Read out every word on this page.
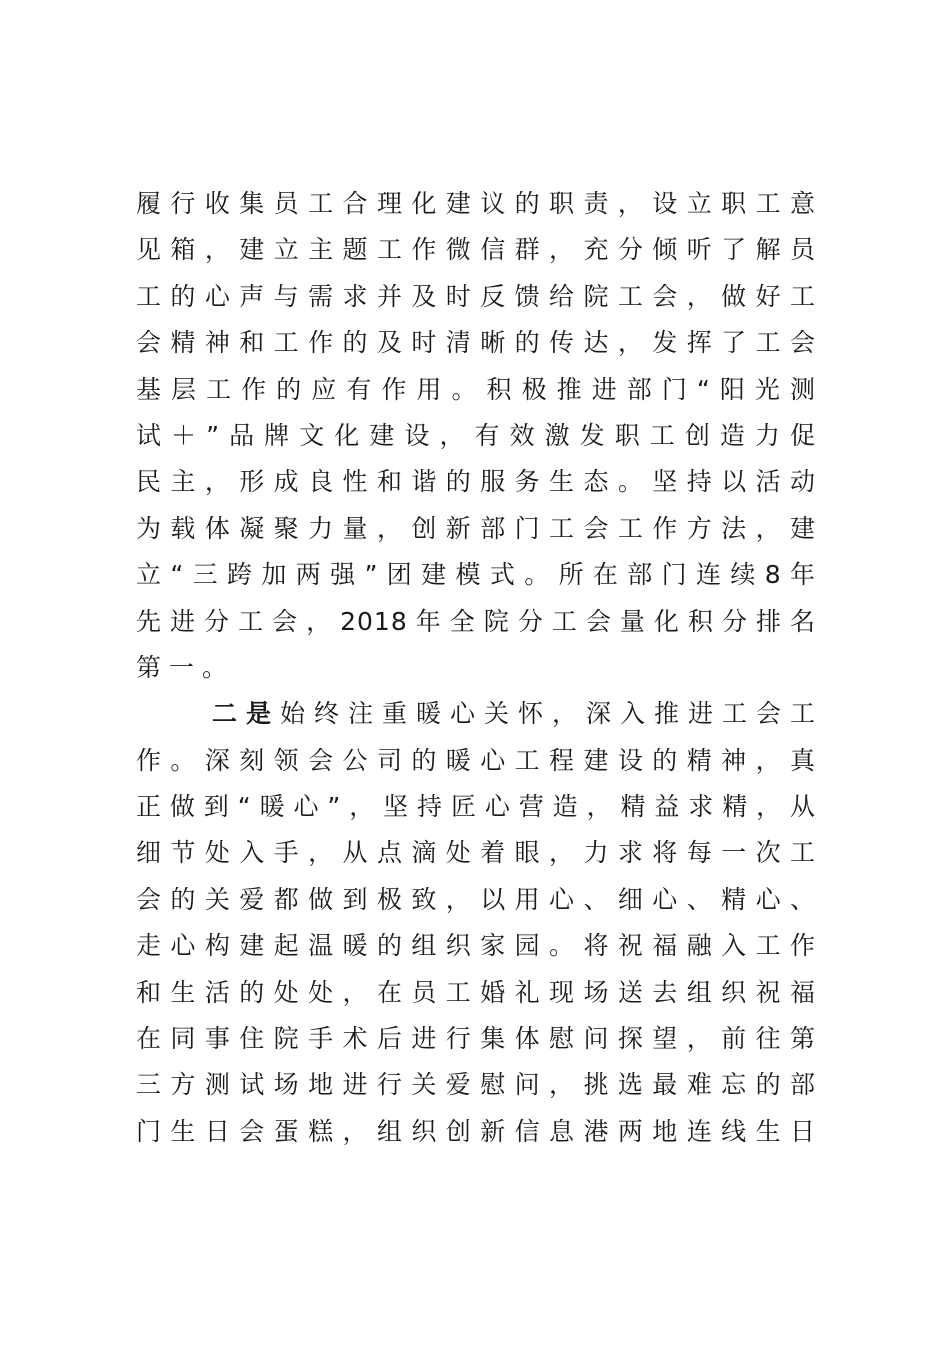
履行收集员工合理化建议的职责，设立职工意
见箱，建立主题工作微信群，充分倾听了解员
工的心声与需求并及时反馈给院工会，做好工
会精神和工作的及时清晰的传达，发挥了工会
基层工作的应有作用。积极推进部门“阳光测
试＋”品牌文化建设，有效激发职工创造力促
民主，形成良性和谐的服务生态。坚持以活动
为载体凝聚力量，创新部门工会工作方法，建
立“三跨加两强”团建模式。所在部门连续8年
先进分工会，2018年全院分工会量化积分排名
第一。
二是始终注重暖心关怀，深入推进工会工
作。深刻领会公司的暖心工程建设的精神，真
正做到“暖心”，坚持匠心营造，精益求精，从
细节处入手，从点滴处着眼，力求将每一次工
会的关爱都做到极致，以用心、细心、精心、
走心构建起温暖的组织家园。将祝福融入工作
和生活的处处，在员工婚礼现场送去组织祝福
在同事住院手术后进行集体慰问探望，前往第
三方测试场地进行关爱慰问，挑选最难忘的部
门生日会蛋糕，组织创新信息港两地连线生日
